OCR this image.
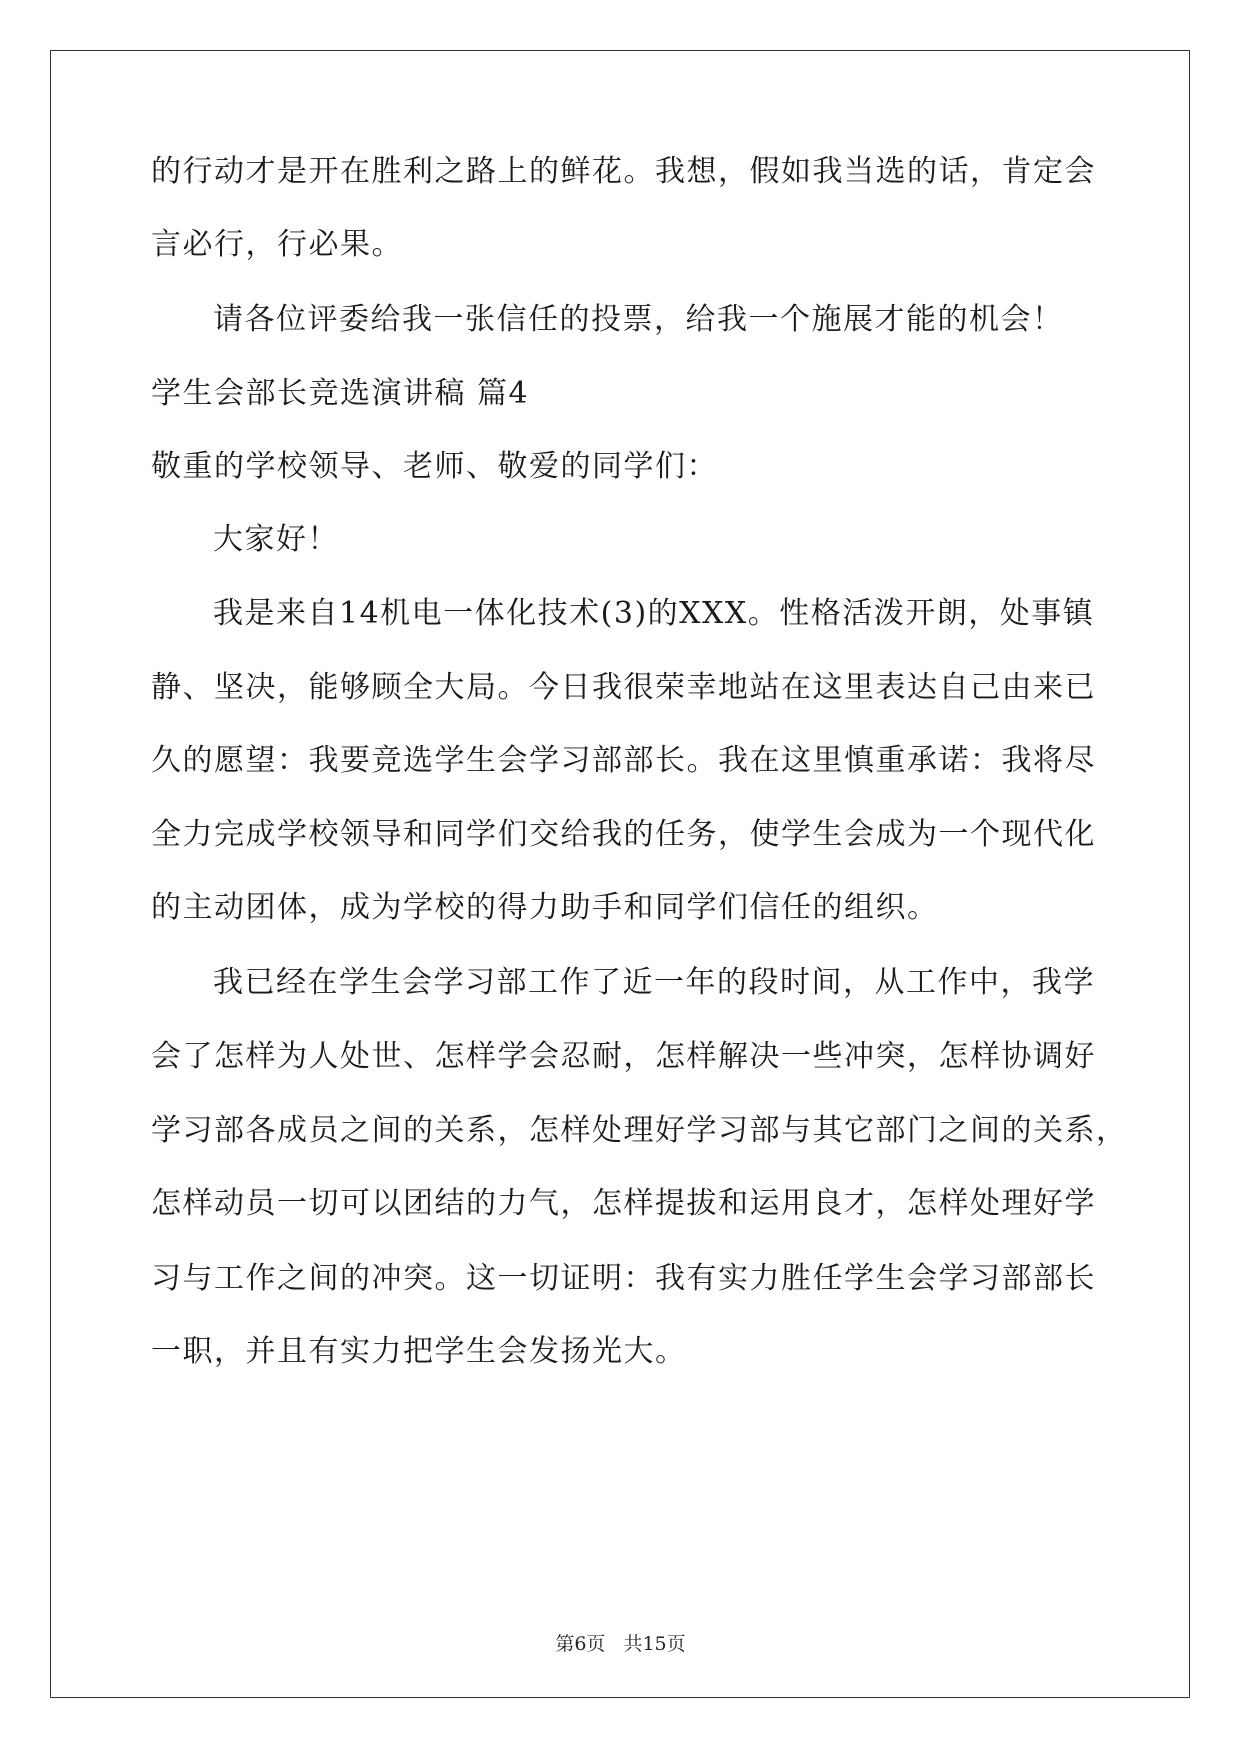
的行动才是开在胜利之路上的鲜花。我想，假如我当选的话，肯定会
言必行，行必果。
请各位评委给我一张信任的投票，给我一个施展才能的机会！
学生会部长竞选演讲稿 篇4
敬重的学校领导、老师、敬爱的同学们：
大家好！
我是来自14机电一体化技术(3)的XXX。性格活泼开朗，处事镇
静、坚决，能够顾全大局。今日我很荣幸地站在这里表达自己由来已
久的愿望：我要竞选学生会学习部部长。我在这里慎重承诺：我将尽
全力完成学校领导和同学们交给我的任务，使学生会成为一个现代化
的主动团体，成为学校的得力助手和同学们信任的组织。
我已经在学生会学习部工作了近一年的段时间，从工作中，我学
会了怎样为人处世、怎样学会忍耐，怎样解决一些冲突，怎样协调好
学习部各成员之间的关系，怎样处理好学习部与其它部门之间的关系，
怎样动员一切可以团结的力气，怎样提拔和运用良才，怎样处理好学
习与工作之间的冲突。这一切证明：我有实力胜任学生会学习部部长
一职，并且有实力把学生会发扬光大。
第6页 共15页
